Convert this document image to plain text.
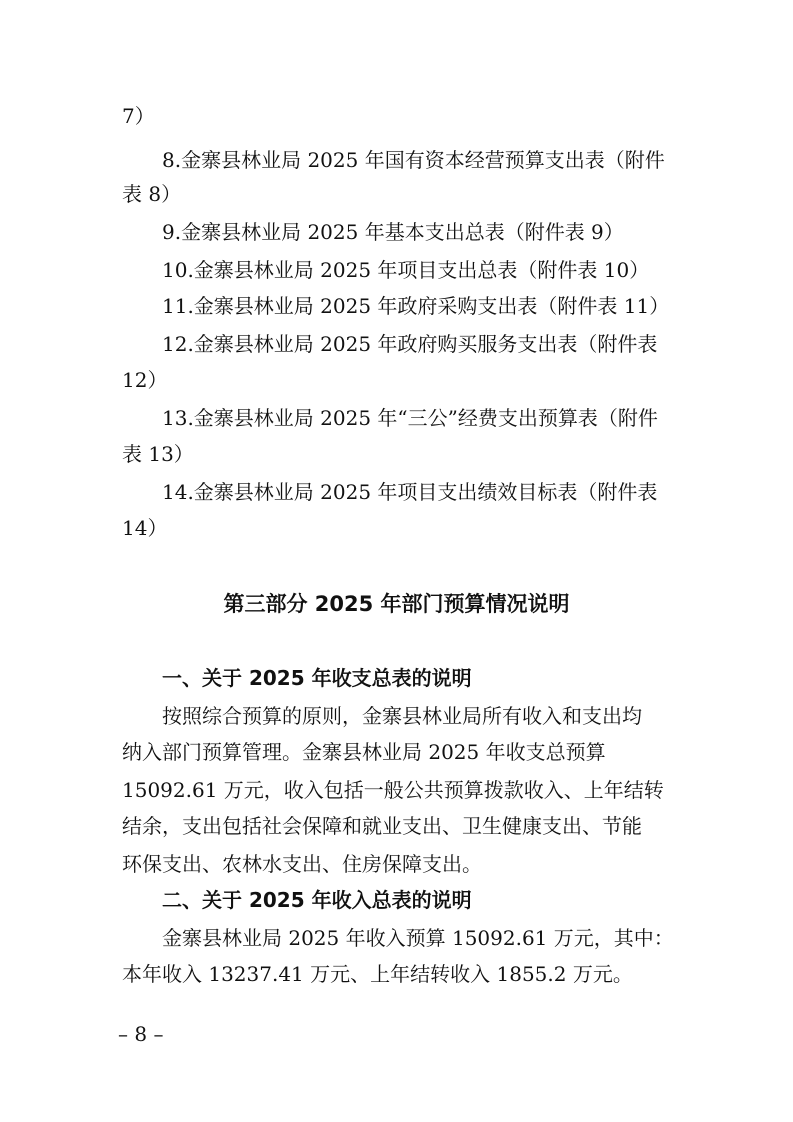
7）
8.金寨县林业局 2025 年国有资本经营预算支出表（附件
表 8）
9.金寨县林业局 2025 年基本支出总表（附件表 9）
10.金寨县林业局 2025 年项目支出总表（附件表 10）
11.金寨县林业局 2025 年政府采购支出表（附件表 11）
12.金寨县林业局 2025 年政府购买服务支出表（附件表
12）
13.金寨县林业局 2025 年“三公”经费支出预算表（附件
表 13）
14.金寨县林业局 2025 年项目支出绩效目标表（附件表
14）
第三部分 2025 年部门预算情况说明
一、关于 2025 年收支总表的说明
按照综合预算的原则，金寨县林业局所有收入和支出均
纳入部门预算管理。金寨县林业局 2025 年收支总预算
15092.61 万元，收入包括一般公共预算拨款收入、上年结转
结余，支出包括社会保障和就业支出、卫生健康支出、节能
环保支出、农林水支出、住房保障支出。
二、关于 2025 年收入总表的说明
金寨县林业局 2025 年收入预算 15092.61 万元，其中：
本年收入 13237.41 万元、上年结转收入 1855.2 万元。
– 8 –
